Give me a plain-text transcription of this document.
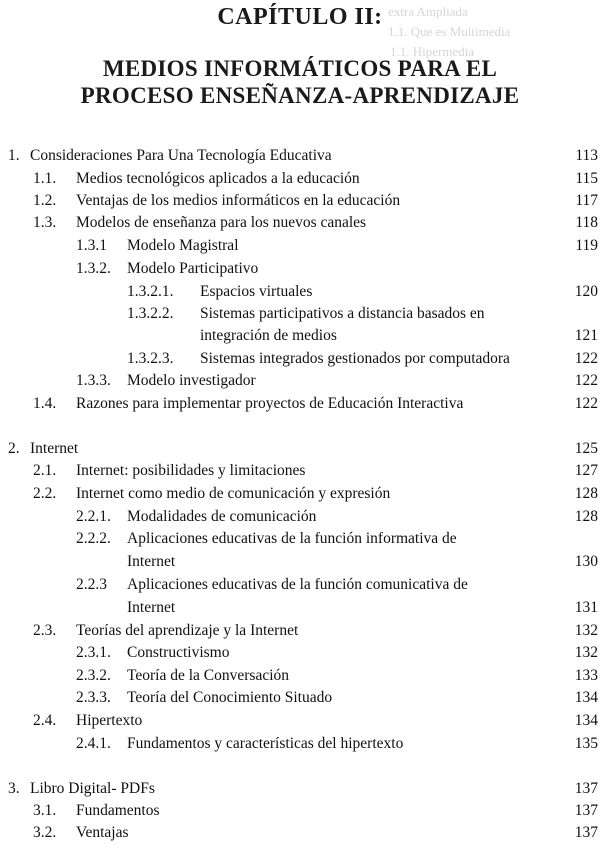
extra Ampliada
1.1. Que es Multimedia
1.1. Hipermedia
CAPÍTULO II:
MEDIOS INFORMÁTICOS PARA EL
PROCESO ENSEÑANZA-APRENDIZAJE
1. Consideraciones Para Una Tecnología Educativa	113
1.1. Medios tecnológicos aplicados a la educación	115
1.2. Ventajas de los medios informáticos en la educación	117
1.3. Modelos de enseñanza para los nuevos canales	118
1.3.1 Modelo Magistral	119
1.3.2. Modelo Participativo
1.3.2.1. Espacios virtuales	120
1.3.2.2. Sistemas participativos a distancia basados en
integración de medios	121
1.3.2.3. Sistemas integrados gestionados por computadora	122
1.3.3. Modelo investigador	122
1.4. Razones para implementar proyectos de Educación Interactiva	122
2. Internet	125
2.1. Internet: posibilidades y limitaciones	127
2.2. Internet como medio de comunicación y expresión	128
2.2.1. Modalidades de comunicación	128
2.2.2. Aplicaciones educativas de la función informativa de
Internet	130
2.2.3 Aplicaciones educativas de la función comunicativa de
Internet	131
2.3. Teorías del aprendizaje y la Internet	132
2.3.1. Constructivismo	132
2.3.2. Teoría de la Conversación	133
2.3.3. Teoría del Conocimiento Situado	134
2.4. Hipertexto	134
2.4.1. Fundamentos y características del hipertexto	135
3. Libro Digital- PDFs	137
3.1. Fundamentos	137
3.2. Ventajas	137
